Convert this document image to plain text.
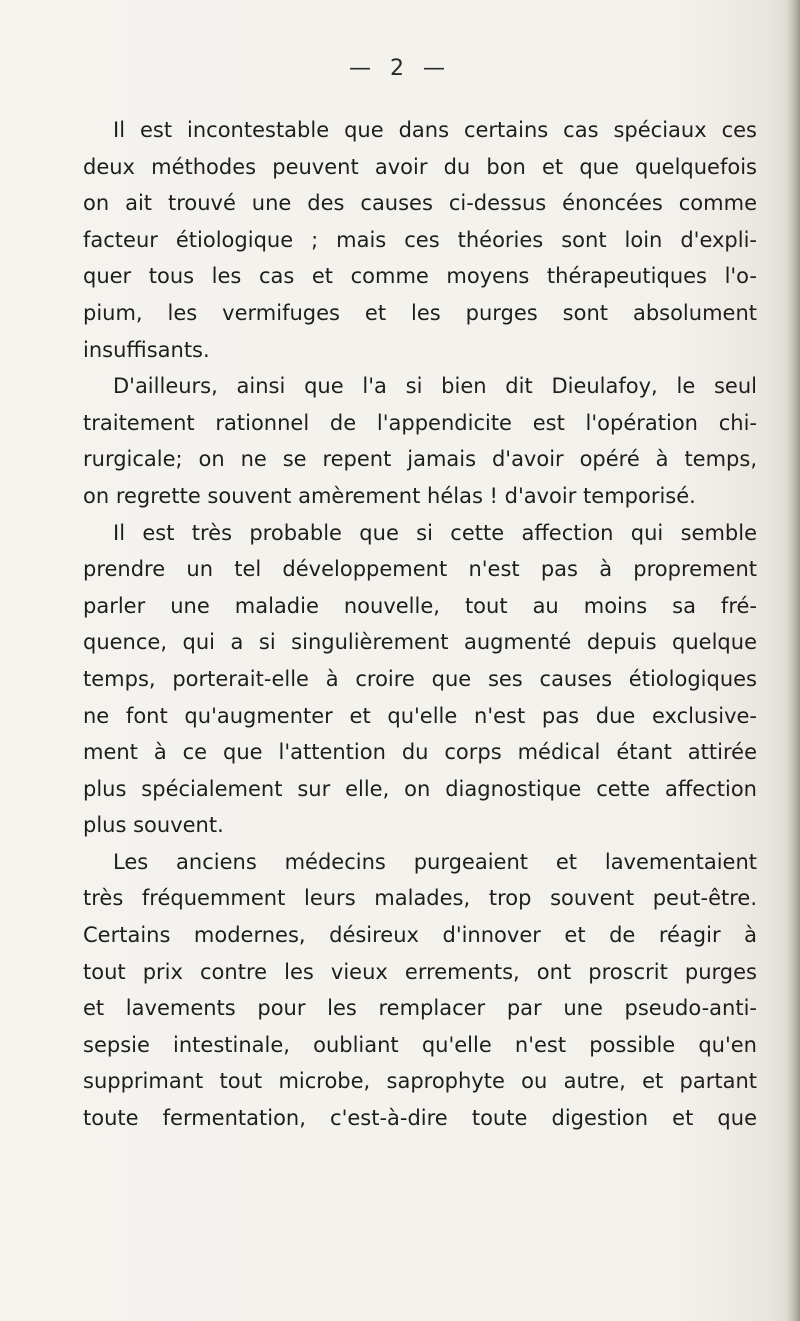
— 2 —

Il est incontestable que dans certains cas spéciaux ces
deux méthodes peuvent avoir du bon et que quelquefois
on ait trouvé une des causes ci-dessus énoncées comme
facteur étiologique ; mais ces théories sont loin d'expli-
quer tous les cas et comme moyens thérapeutiques l'o-
pium, les vermifuges et les purges sont absolument
insuffisants.

D'ailleurs, ainsi que l'a si bien dit Dieulafoy, le seul
traitement rationnel de l'appendicite est l'opération chi-
rurgicale; on ne se repent jamais d'avoir opéré à temps,
on regrette souvent amèrement hélas ! d'avoir temporisé.

Il est très probable que si cette affection qui semble
prendre un tel développement n'est pas à proprement
parler une maladie nouvelle, tout au moins sa fré-
quence, qui a si singulièrement augmenté depuis quelque
temps, porterait-elle à croire que ses causes étiologiques
ne font qu'augmenter et qu'elle n'est pas due exclusive-
ment à ce que l'attention du corps médical étant attirée
plus spécialement sur elle, on diagnostique cette affection
plus souvent.

Les anciens médecins purgeaient et lavementaient
très fréquemment leurs malades, trop souvent peut-être.
Certains modernes, désireux d'innover et de réagir à
tout prix contre les vieux errements, ont proscrit purges
et lavements pour les remplacer par une pseudo-anti-
sepsie intestinale, oubliant qu'elle n'est possible qu'en
supprimant tout microbe, saprophyte ou autre, et partant
toute fermentation, c'est-à-dire toute digestion et que
